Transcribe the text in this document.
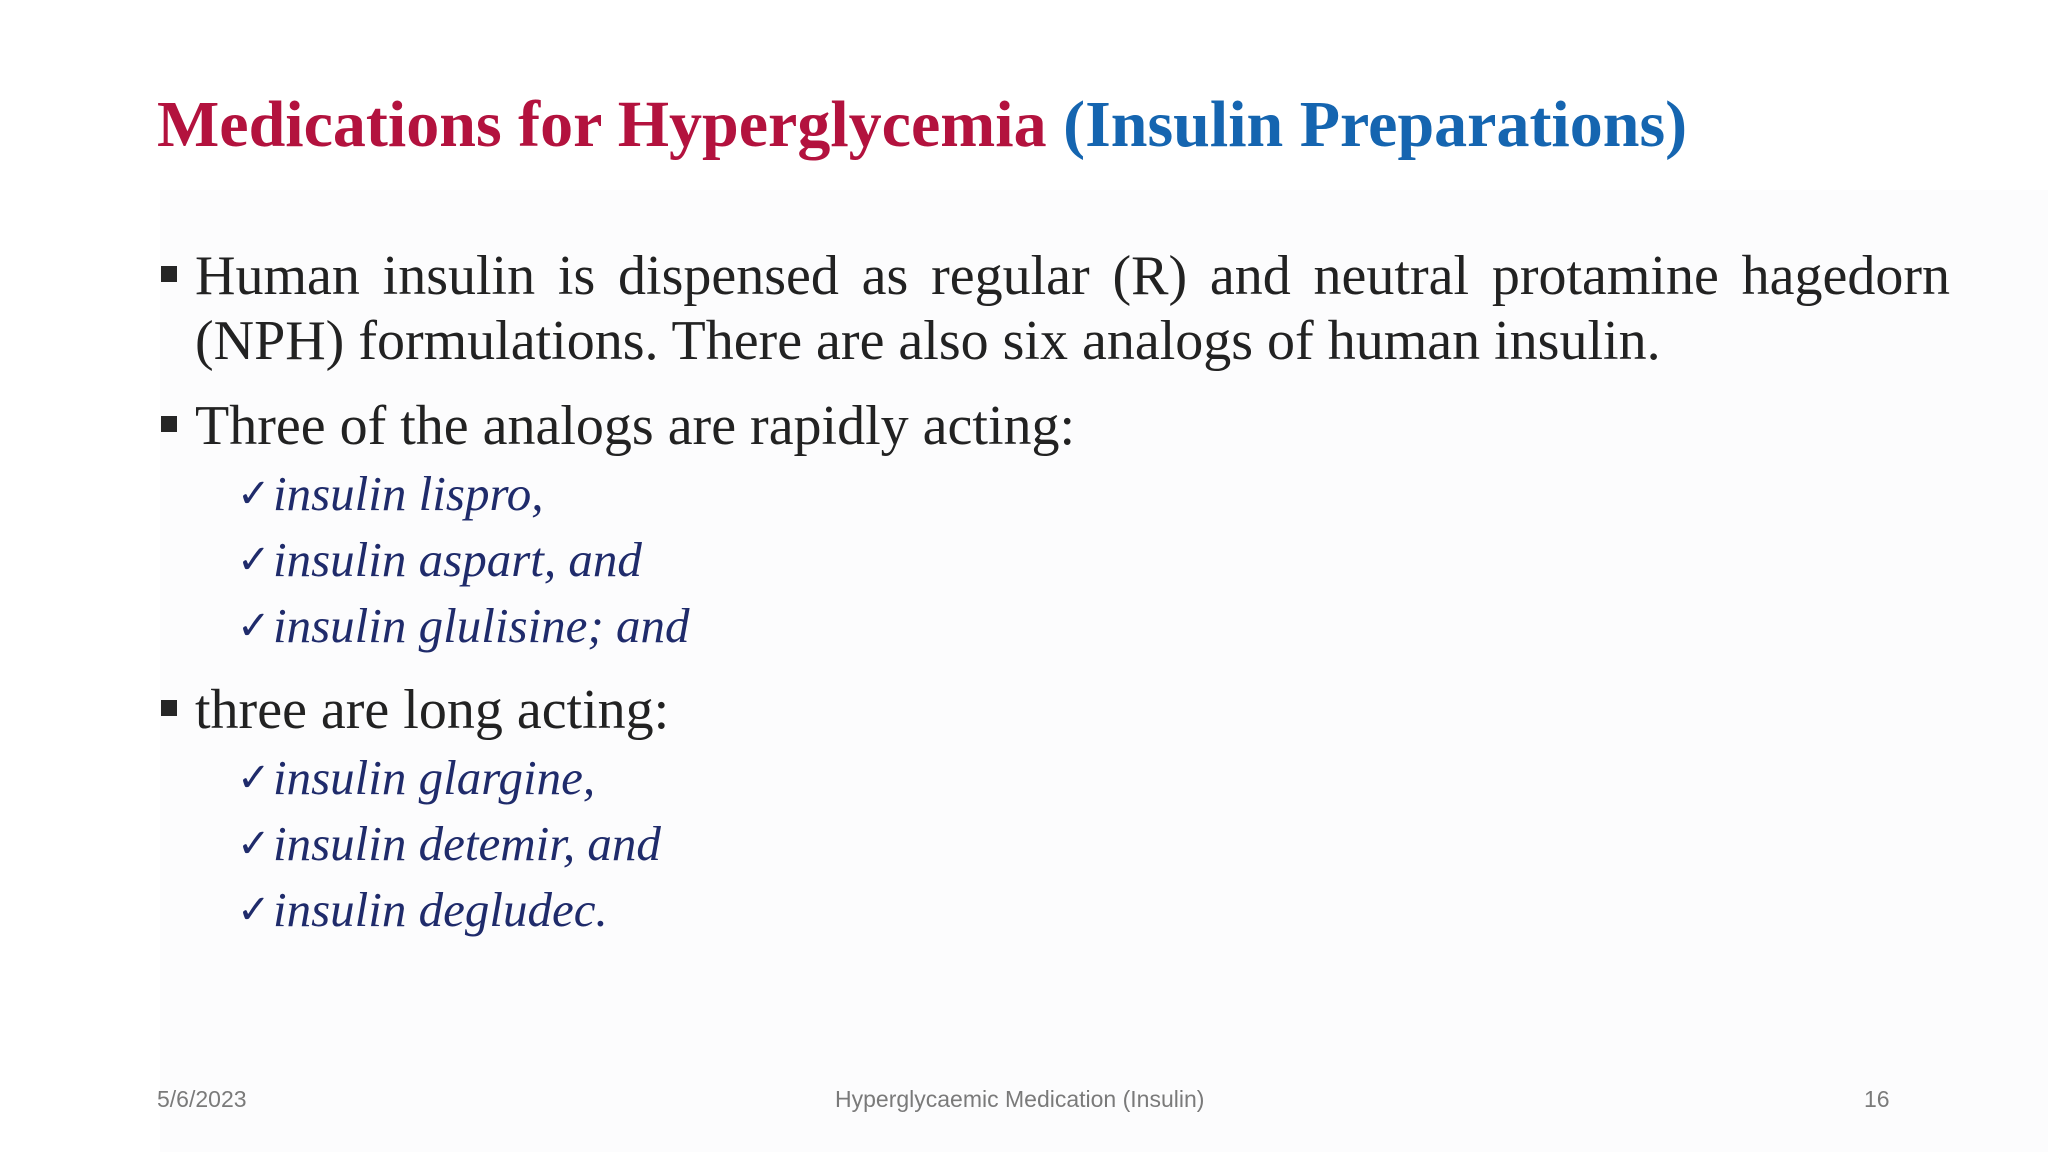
Medications for Hyperglycemia (Insulin Preparations)
Human insulin is dispensed as regular (R) and neutral protamine hagedorn (NPH) formulations. There are also six analogs of human insulin.
Three of the analogs are rapidly acting:
✓ insulin lispro,
✓ insulin aspart, and
✓ insulin glulisine; and
three are long acting:
✓ insulin glargine,
✓ insulin detemir, and
✓ insulin degludec.
5/6/2023	Hyperglycaemic Medication (Insulin)	16
